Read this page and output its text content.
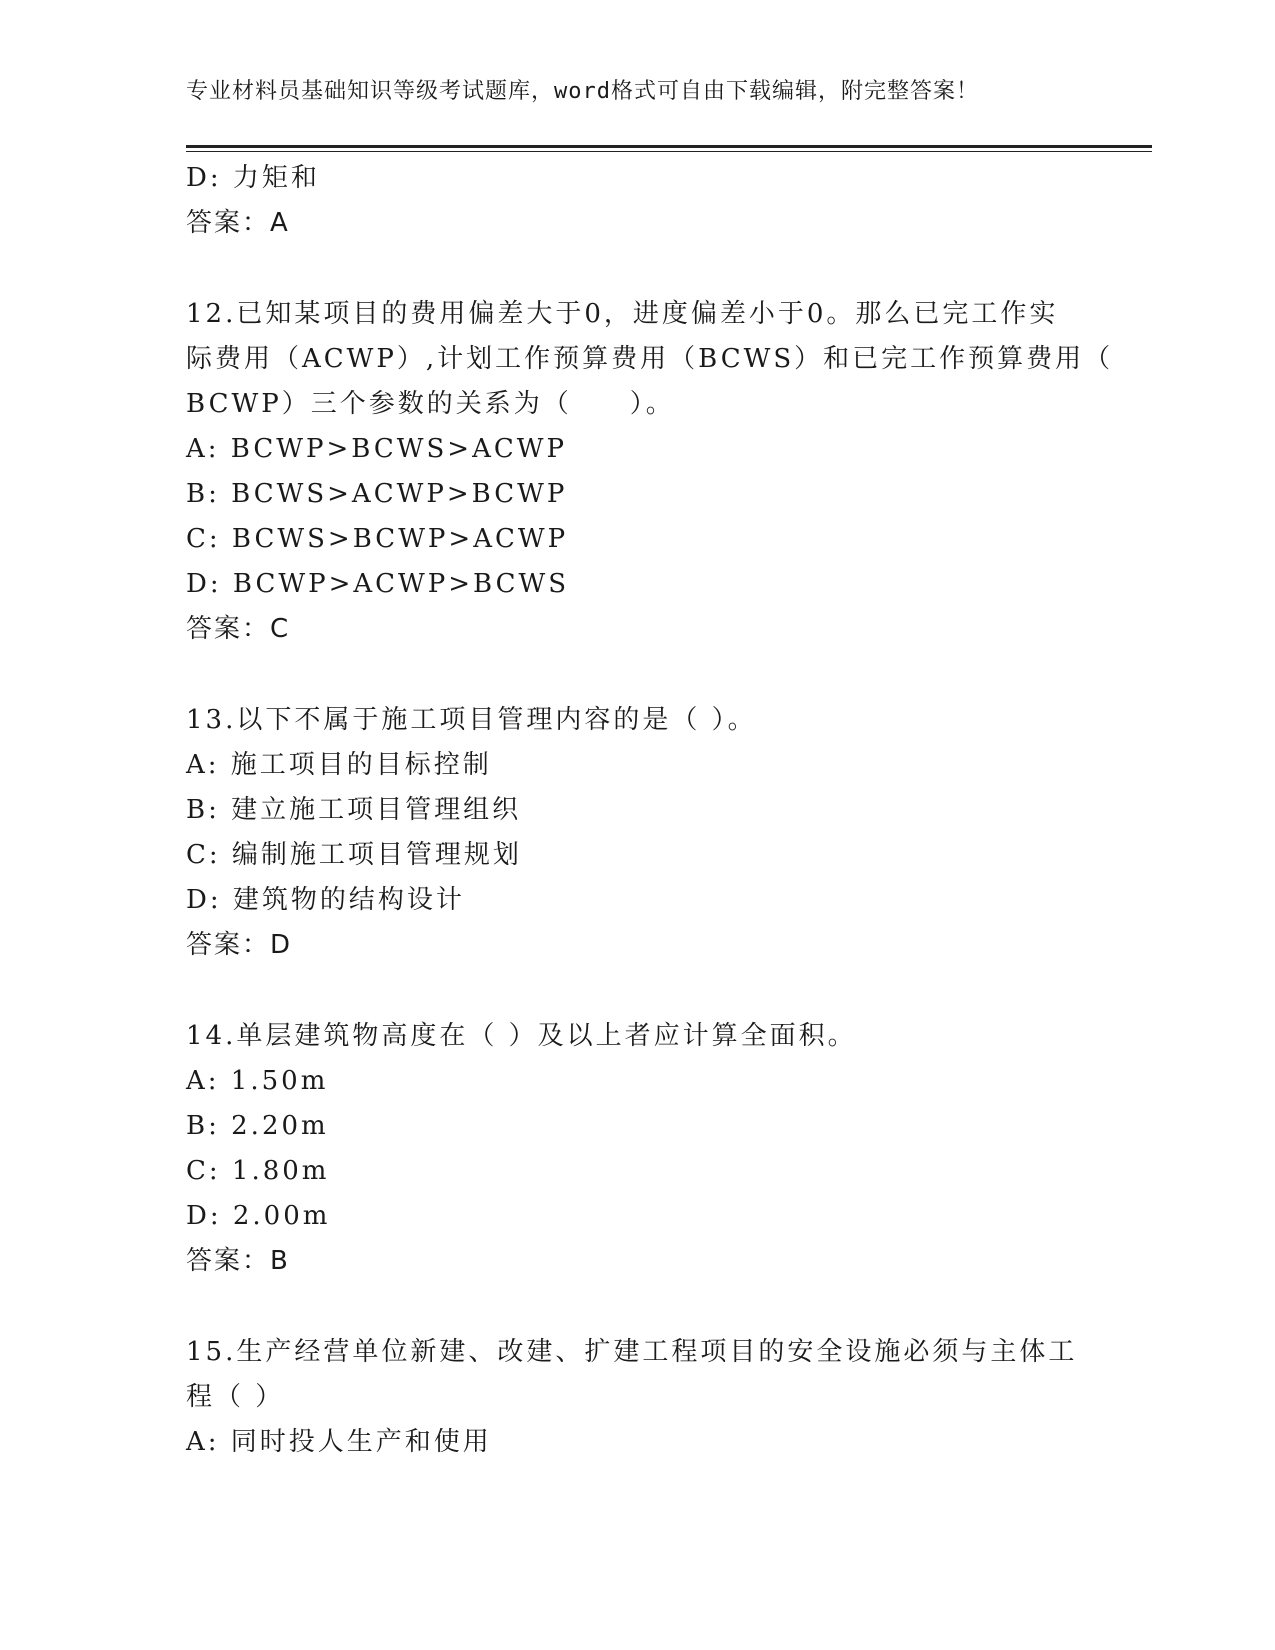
专业材料员基础知识等级考试题库，word格式可自由下载编辑，附完整答案！
D: 力矩和
答案：A
12.已知某项目的费用偏差大于0，进度偏差小于0。那么已完工作实
际费用（ACWP）,计划工作预算费用（BCWS）和已完工作预算费用（
BCWP）三个参数的关系为（　　）。
A: BCWP>BCWS>ACWP
B: BCWS>ACWP>BCWP
C: BCWS>BCWP>ACWP
D: BCWP>ACWP>BCWS
答案：C
13.以下不属于施工项目管理内容的是（ ）。
A: 施工项目的目标控制
B: 建立施工项目管理组织
C: 编制施工项目管理规划
D: 建筑物的结构设计
答案：D
14.单层建筑物高度在（ ）及以上者应计算全面积。
A: 1.50m
B: 2.20m
C: 1.80m
D: 2.00m
答案：B
15.生产经营单位新建、改建、扩建工程项目的安全设施必须与主体工
程（ ）
A: 同时投人生产和使用
